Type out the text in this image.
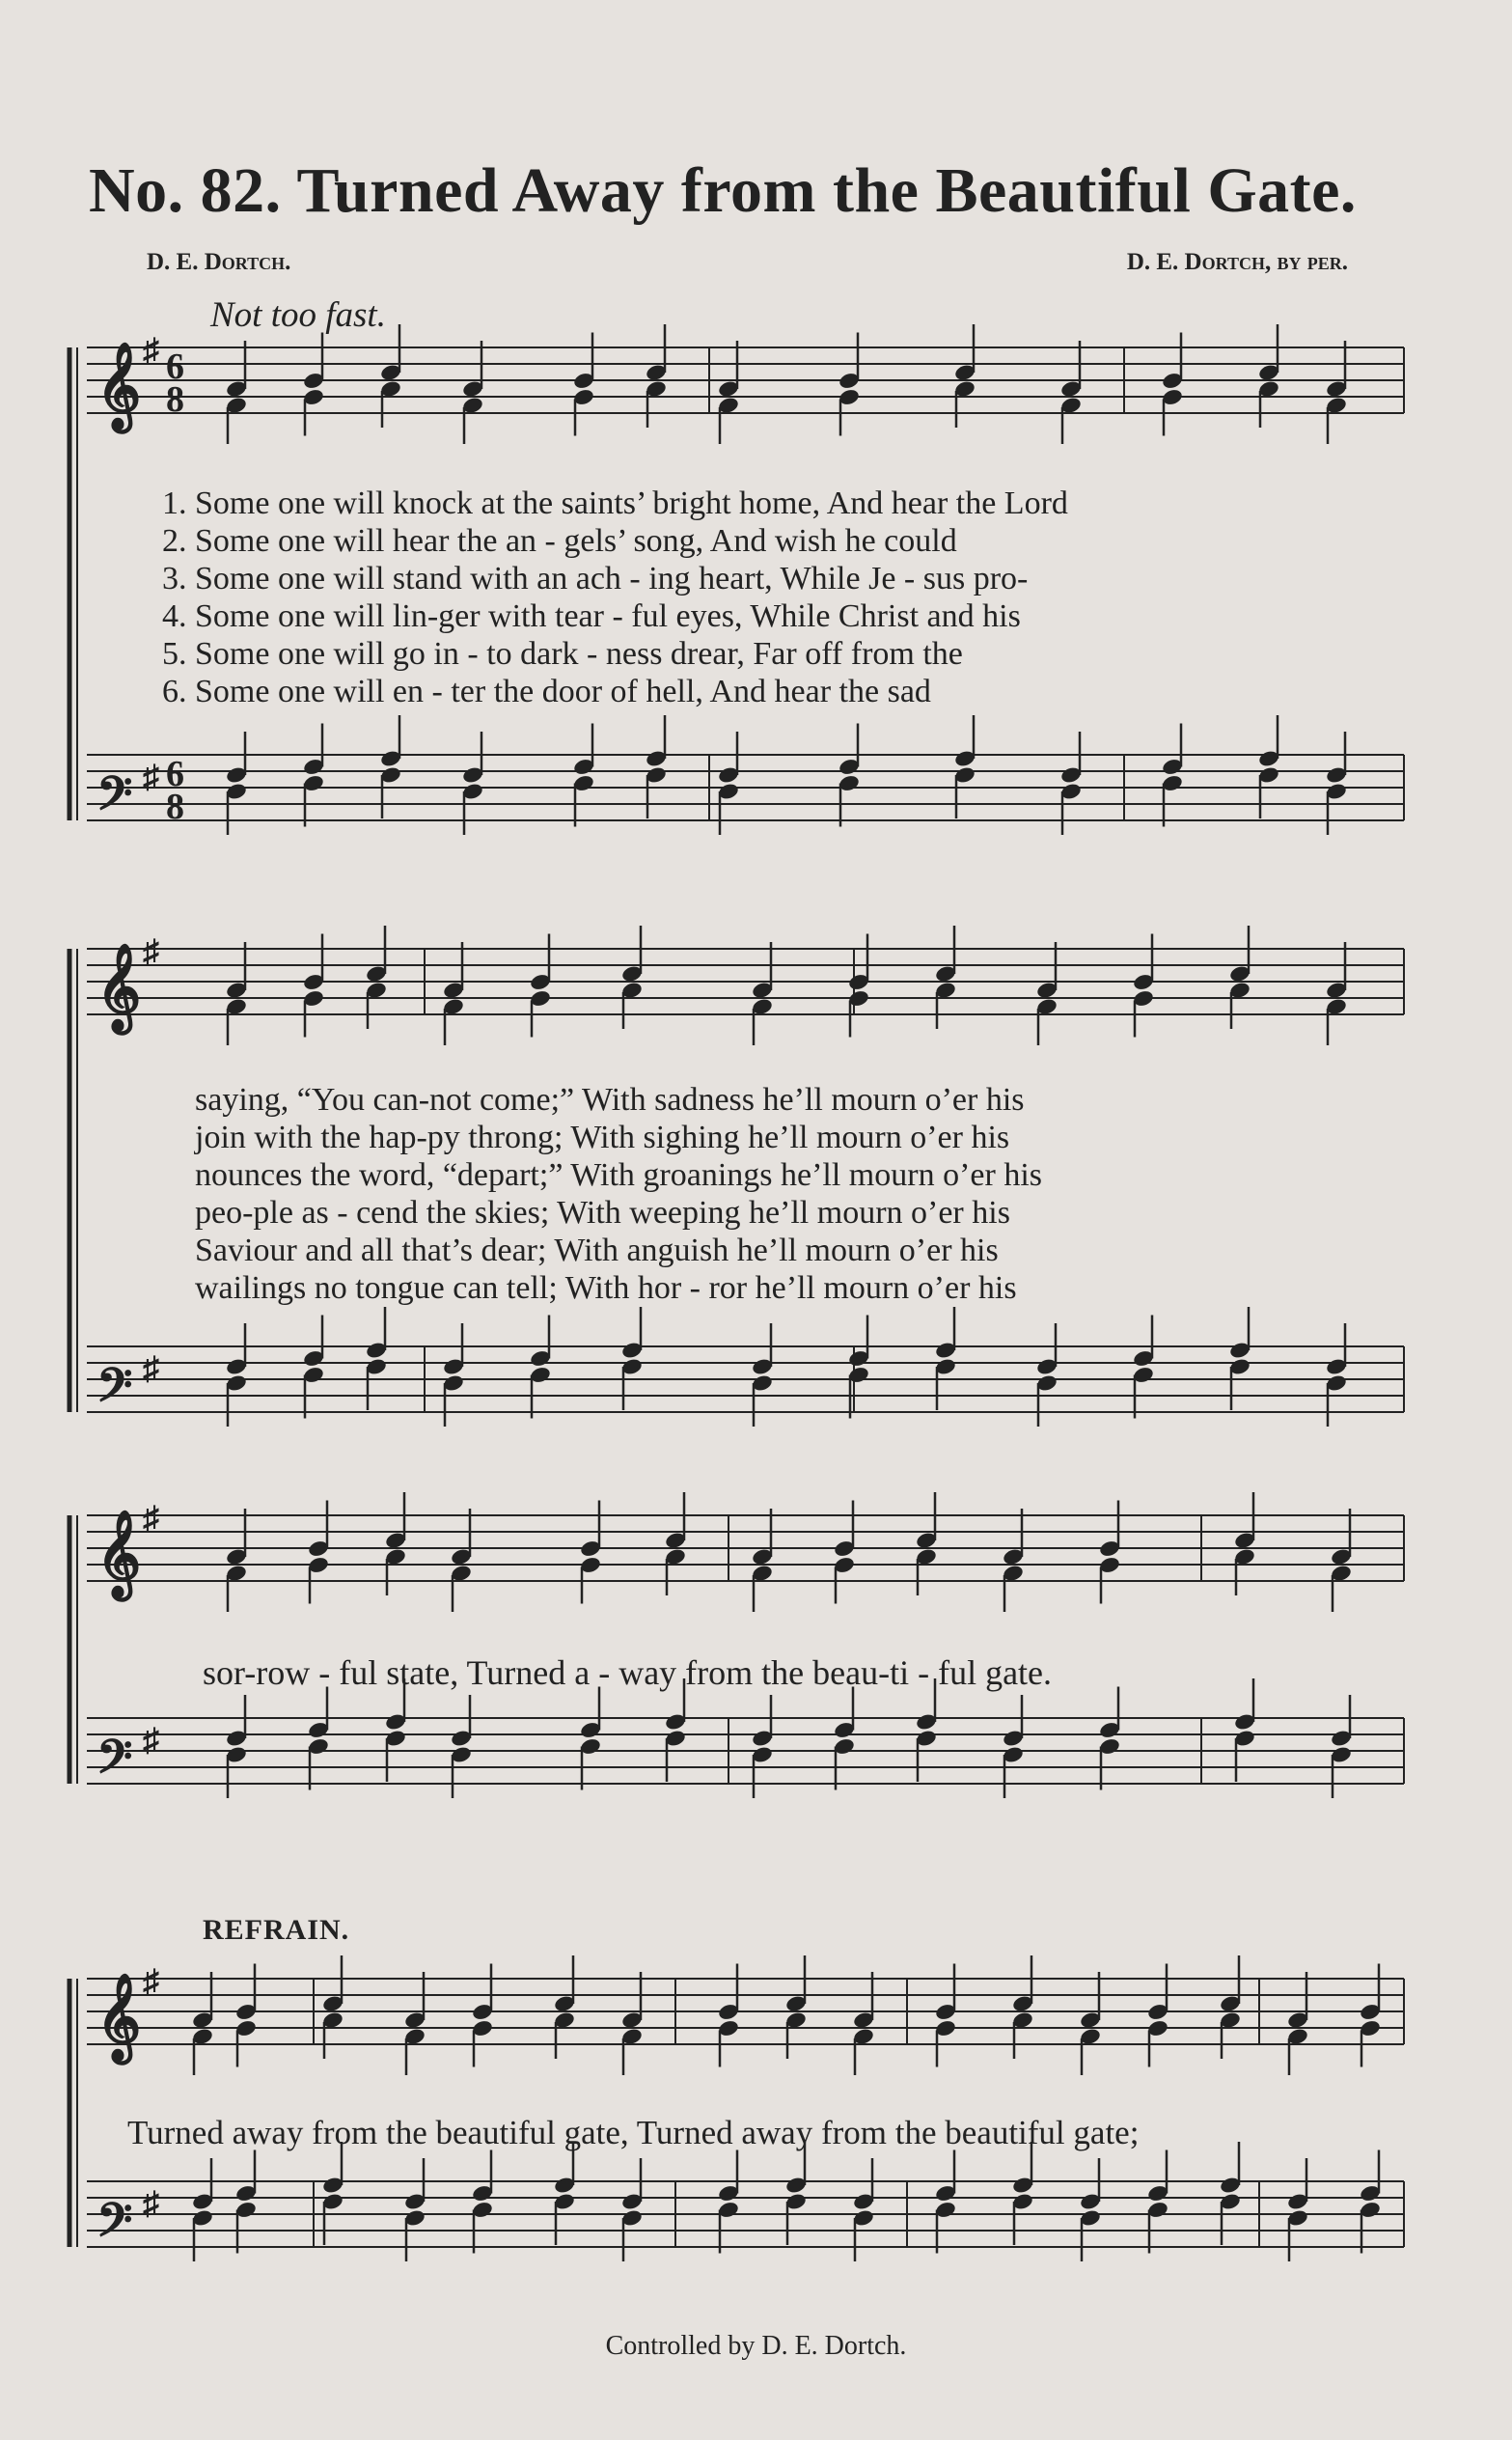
No. 82. Turned Away from the Beautiful Gate.
D. E. Dortch.	D. E. Dortch, by per.
Not too fast.
𝄞 ♯ 6
8
𝄢 ♯ 6
8
𝄞 ♯
𝄢 ♯
𝄞 ♯
𝄢 ♯
𝄞 ♯
𝄢 ♯
1. Some one will knock at the saints’ bright home, And hear the Lord
2. Some one will hear the an - gels’ song, And wish he could
3. Some one will stand with an ach - ing heart, While Je - sus pro-
4. Some one will lin-ger with tear - ful eyes, While Christ and his
5. Some one will go in - to dark - ness drear, Far off from the
6. Some one will en - ter the door of hell, And hear the sad
saying, “You can-not come;” With sadness he’ll mourn o’er his
join with the hap-py throng; With sighing he’ll mourn o’er his
nounces the word, “depart;” With groanings he’ll mourn o’er his
peo-ple as - cend the skies; With weeping he’ll mourn o’er his
Saviour and all that’s dear; With anguish he’ll mourn o’er his
wailings no tongue can tell; With hor - ror he’ll mourn o’er his
sor-row - ful state, Turned a - way from the beau-ti - ful gate.
REFRAIN.
Turned away from the beautiful gate, Turned away from the beautiful gate;
Controlled by D. E. Dortch.
